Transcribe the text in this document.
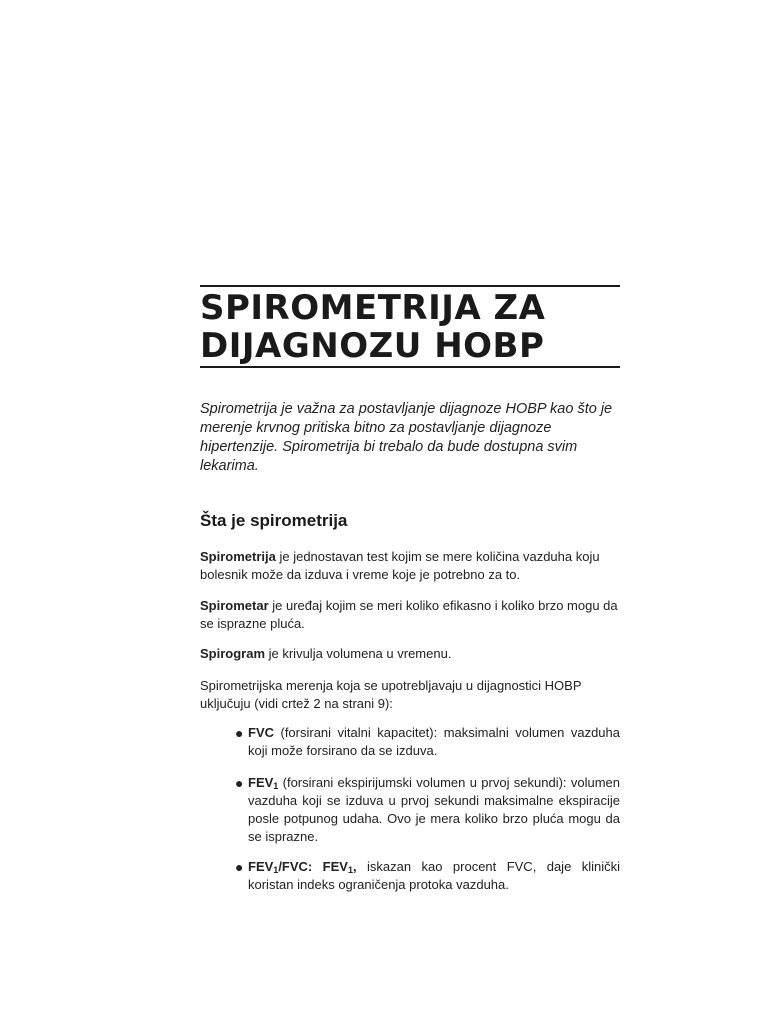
SPIROMETRIJA ZA
DIJAGNOZU HOBP

Spirometrija je važna za postavljanje dijagnoze HOBP kao što je merenje krvnog pritiska bitno za postavljanje dijagnoze hipertenzije. Spirometrija bi trebalo da bude dostupna svim lekarima.

Šta je spirometrija

Spirometrija je jednostavan test kojim se mere količina vazduha koju bolesnik može da izduva i vreme koje je potrebno za to.

Spirometar je uređaj kojim se meri koliko efikasno i koliko brzo mogu da se isprazne pluća.

Spirogram je krivulja volumena u vremenu.

Spirometrijska merenja koja se upotrebljavaju u dijagnostici HOBP uključuju (vidi crtež 2 na strani 9):

● FVC (forsirani vitalni kapacitet): maksimalni volumen vazduha koji može forsirano da se izduva.
● $FEV_1$ (forsirani ekspirijumski volumen u prvoj sekundi): volumen vazduha koji se izduva u prvoj sekundi maksimalne ekspiracije posle potpunog udaha. Ovo je mera koliko brzo pluća mogu da se isprazne.
● $FEV_1$/FVC: $FEV_1$, iskazan kao procent FVC, daje klinički koristan indeks ograničenja protoka vazduha.
